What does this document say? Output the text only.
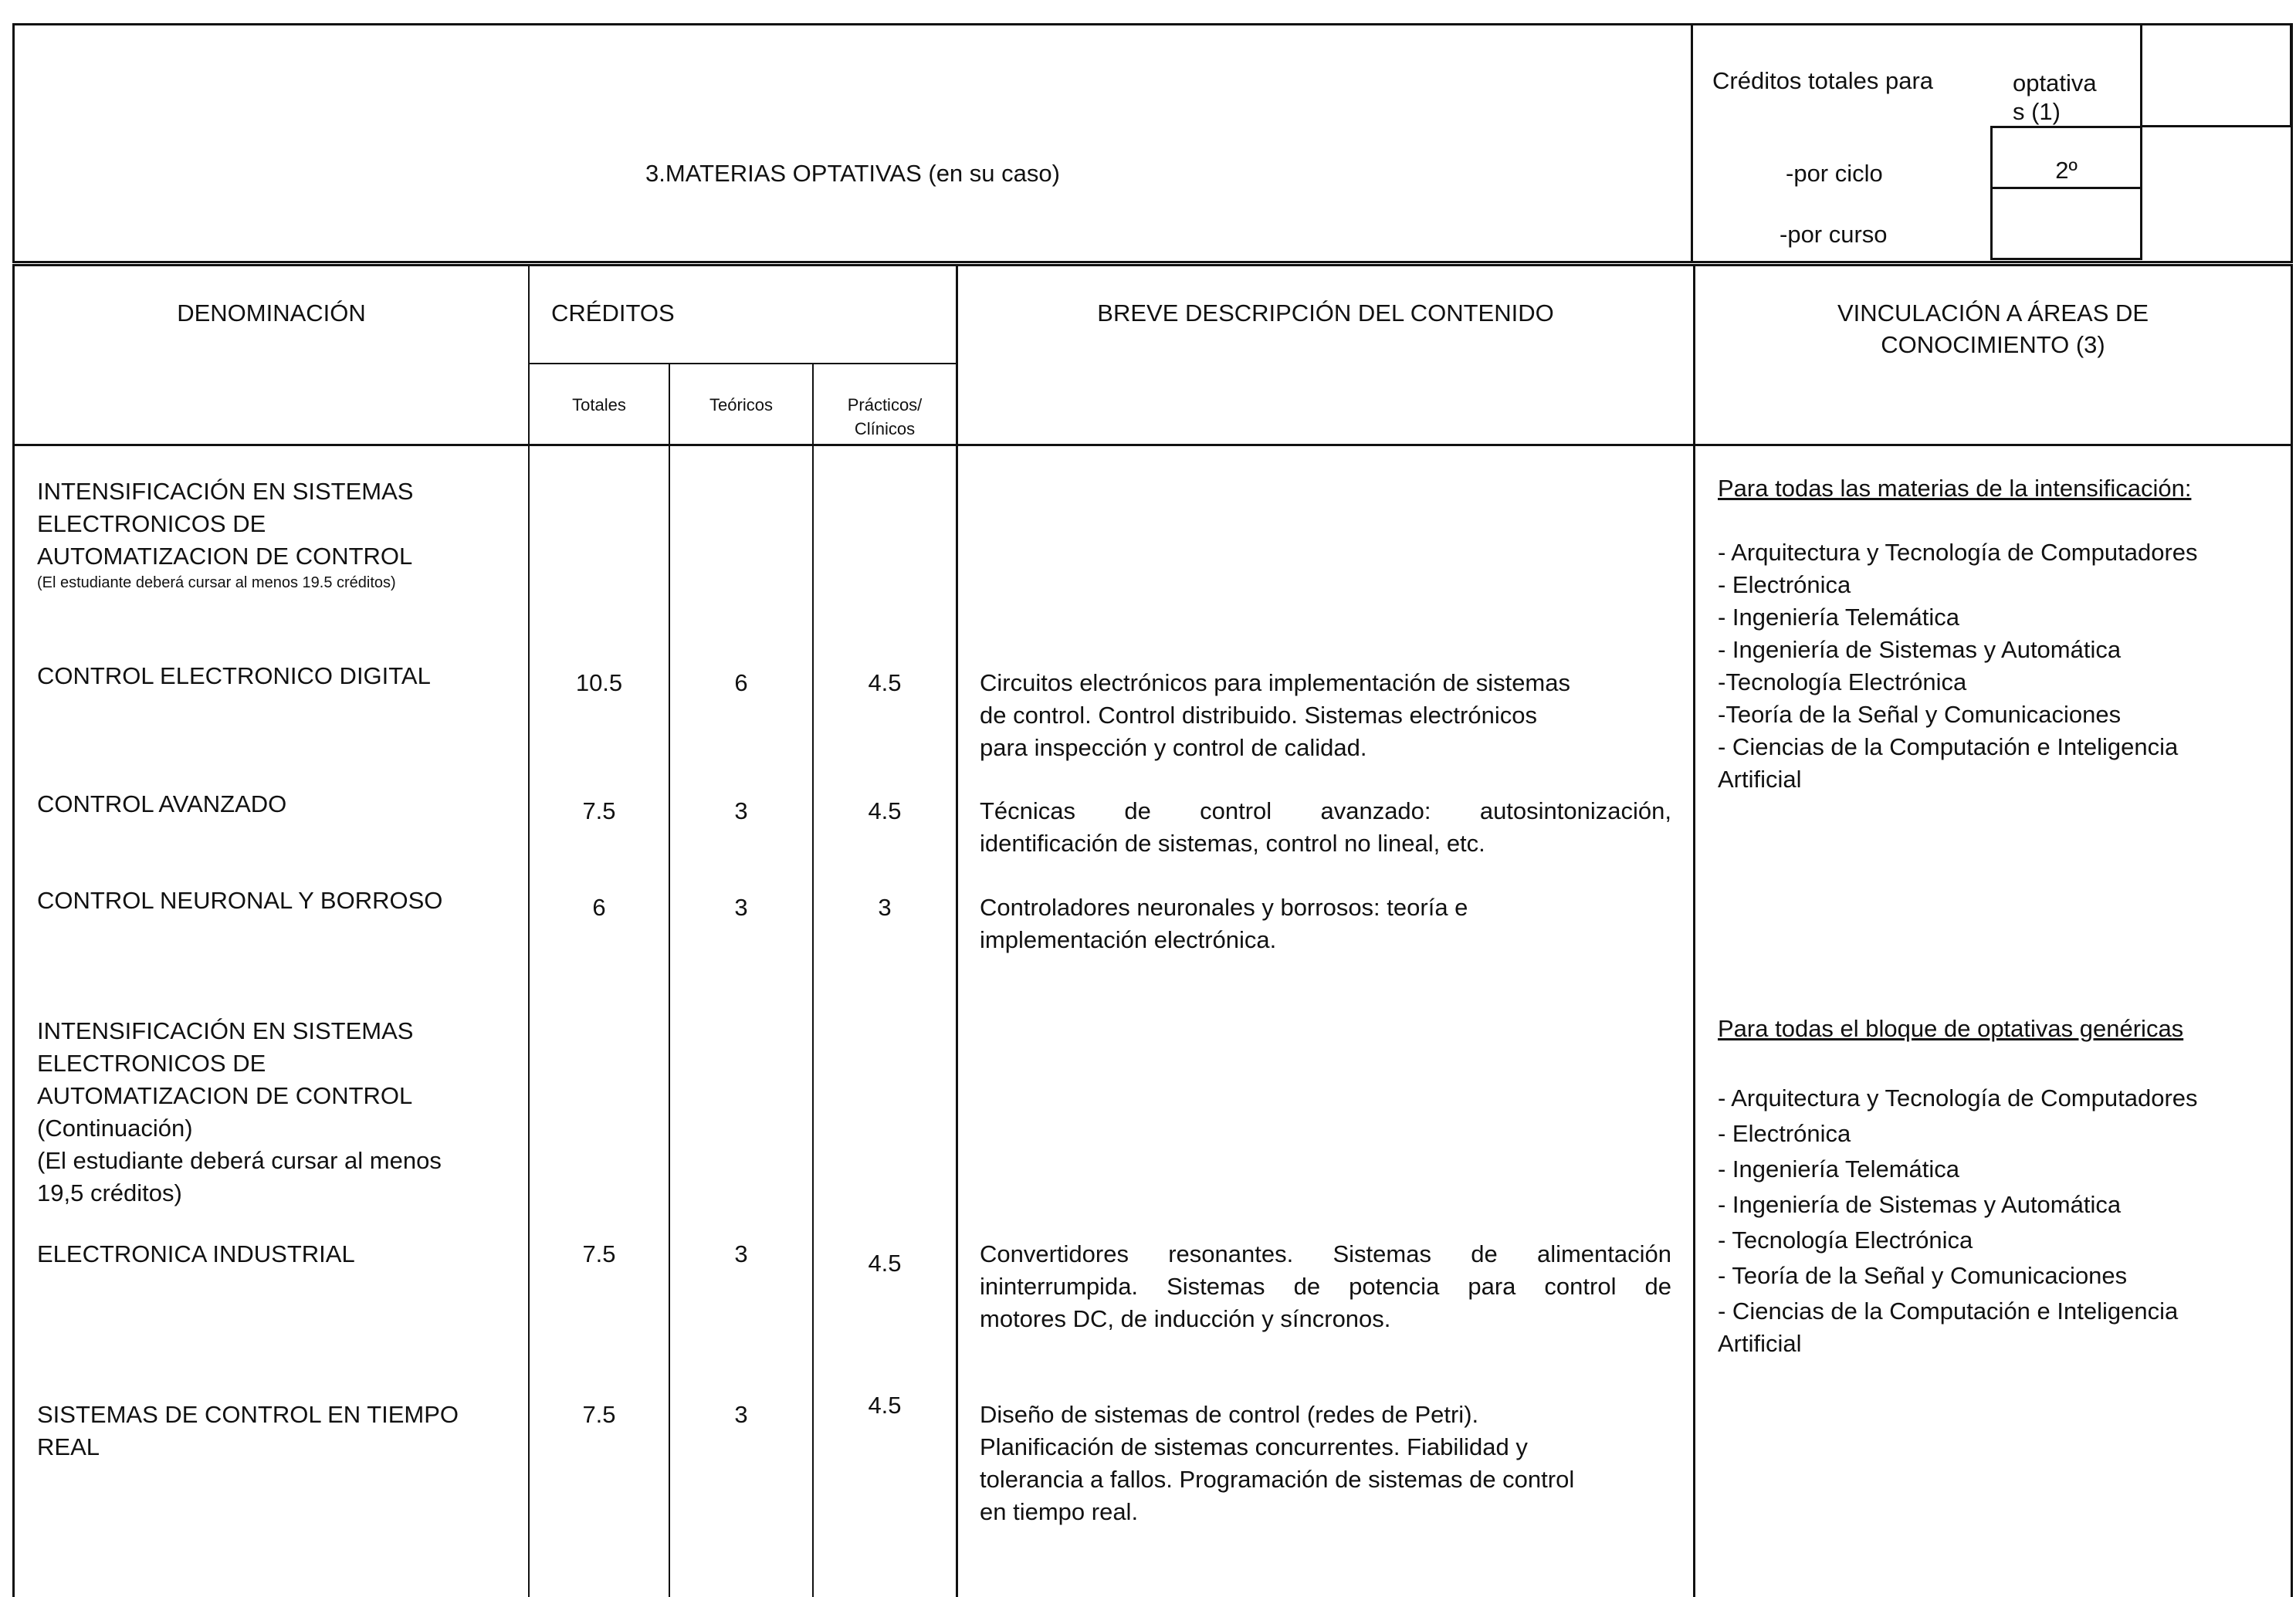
3.MATERIAS OPTATIVAS (en su caso)
Créditos totales para	optativa
s (1)
-por ciclo	2º
-por curso
DENOMINACIÓN	CRÉDITOS
Totales	Teóricos	Prácticos/
Clínicos
BREVE DESCRIPCIÓN DEL CONTENIDO	VINCULACIÓN A ÁREAS DE
CONOCIMIENTO (3)
INTENSIFICACIÓN EN SISTEMAS
ELECTRONICOS DE
AUTOMATIZACION DE CONTROL
(El estudiante deberá cursar al menos 19.5 créditos)
CONTROL ELECTRONICO DIGITAL	10.5	6	4.5	Circuitos electrónicos para implementación de sistemas
de control. Control distribuido. Sistemas electrónicos
para inspección y control de calidad.
CONTROL AVANZADO	7.5	3	4.5	Técnicas de control avanzado: autosintonización,
identificación de sistemas, control no lineal, etc.
CONTROL NEURONAL Y BORROSO	6	3	3	Controladores neuronales y borrosos: teoría e
implementación electrónica.
Para todas las materias de la intensificación:
- Arquitectura y Tecnología de Computadores
- Electrónica
- Ingeniería Telemática
- Ingeniería de Sistemas y Automática
-Tecnología Electrónica
-Teoría de la Señal y Comunicaciones
- Ciencias de la Computación e Inteligencia
Artificial
INTENSIFICACIÓN EN SISTEMAS
ELECTRONICOS DE
AUTOMATIZACION DE CONTROL
(Continuación)
(El estudiante deberá cursar al menos
19,5 créditos)
ELECTRONICA INDUSTRIAL	7.5	3	4.5	Convertidores resonantes. Sistemas de alimentación
ininterrumpida. Sistemas de potencia para control de
motores DC, de inducción y síncronos.
SISTEMAS DE CONTROL EN TIEMPO
REAL
7.5	3	4.5	Diseño de sistemas de control (redes de Petri).
Planificación de sistemas concurrentes. Fiabilidad y
tolerancia a fallos. Programación de sistemas de control
en tiempo real.
Para todas el bloque de optativas genéricas
- Arquitectura y Tecnología de Computadores
- Electrónica
- Ingeniería Telemática
- Ingeniería de Sistemas y Automática
- Tecnología Electrónica
- Teoría de la Señal y Comunicaciones
- Ciencias de la Computación e Inteligencia
Artificial
